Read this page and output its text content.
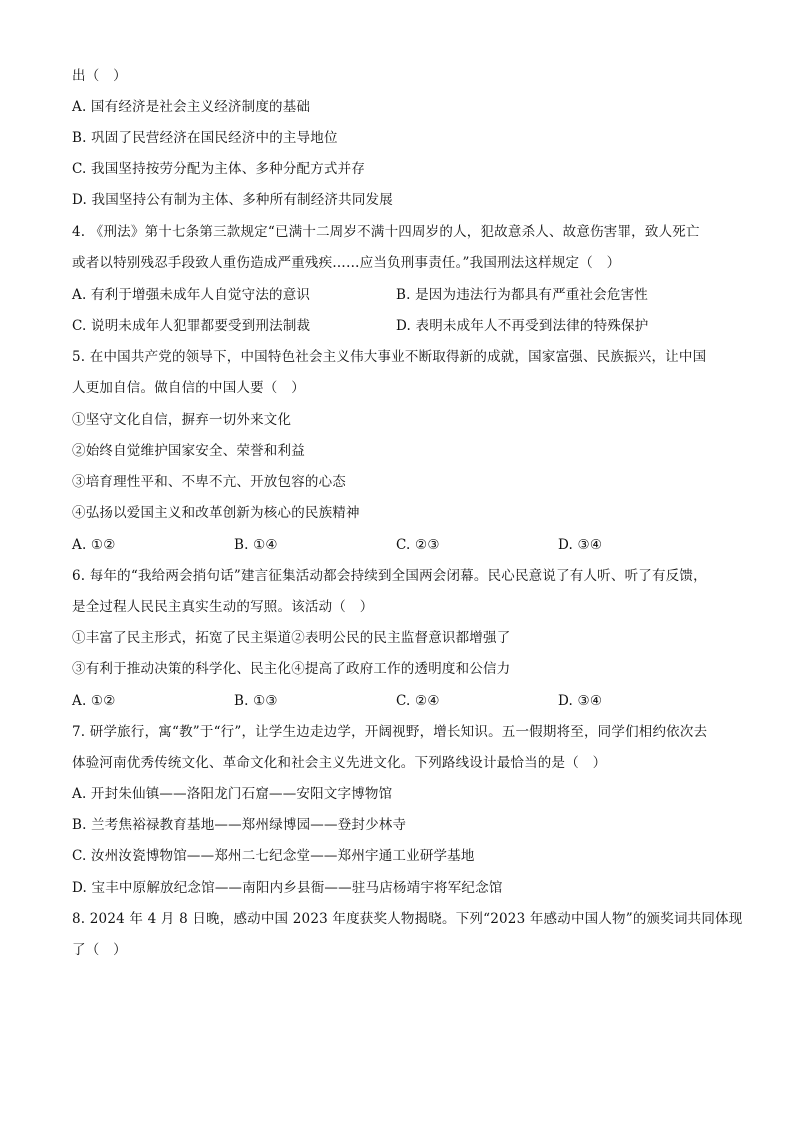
出（　）
A. 国有经济是社会主义经济制度的基础
B. 巩固了民营经济在国民经济中的主导地位
C. 我国坚持按劳分配为主体、多种分配方式并存
D. 我国坚持公有制为主体、多种所有制经济共同发展
4. 《刑法》第十七条第三款规定“已满十二周岁不满十四周岁的人，犯故意杀人、故意伤害罪，致人死亡
或者以特别残忍手段致人重伤造成严重残疾……应当负刑事责任。”我国刑法这样规定（　）
5. 在中国共产党的领导下，中国特色社会主义伟大事业不断取得新的成就，国家富强、民族振兴，让中国
人更加自信。做自信的中国人要（　）
①坚守文化自信，摒弃一切外来文化
②始终自觉维护国家安全、荣誉和利益
③培育理性平和、不卑不亢、开放包容的心态
④弘扬以爱国主义和改革创新为核心的民族精神
6. 每年的“我给两会捎句话”建言征集活动都会持续到全国两会闭幕。民心民意说了有人听、听了有反馈，
是全过程人民民主真实生动的写照。该活动（　）
①丰富了民主形式，拓宽了民主渠道②表明公民的民主监督意识都增强了
③有利于推动决策的科学化、民主化④提高了政府工作的透明度和公信力
7. 研学旅行，寓“教”于“行”，让学生边走边学，开阔视野，增长知识。五一假期将至，同学们相约依次去
体验河南优秀传统文化、革命文化和社会主义先进文化。下列路线设计最恰当的是（　）
A. 开封朱仙镇——洛阳龙门石窟——安阳文字博物馆
B. 兰考焦裕禄教育基地——郑州绿博园——登封少林寺
C. 汝州汝瓷博物馆——郑州二七纪念堂——郑州宇通工业研学基地
D. 宝丰中原解放纪念馆——南阳内乡县衙——驻马店杨靖宇将军纪念馆
8. 2024 年 4 月 8 日晚，感动中国 2023 年度获奖人物揭晓。下列“2023 年感动中国人物”的颁奖词共同体现
了（　）
A. 有利于增强未成年人自觉守法的意识	B. 是因为违法行为都具有严重社会危害性
C. 说明未成年人犯罪都要受到刑法制裁	D. 表明未成年人不再受到法律的特殊保护
A. ①②	B. ①④	C. ②③	D. ③④
A. ①②	B. ①③	C. ②④	D. ③④
